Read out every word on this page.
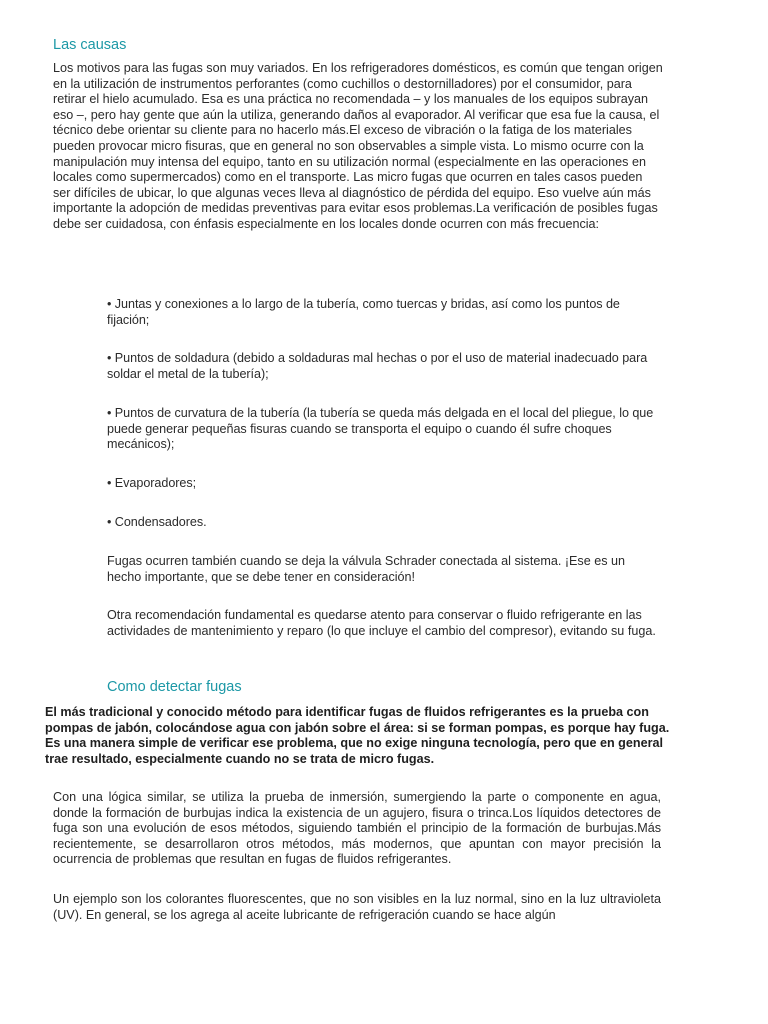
Las causas

Los motivos para las fugas son muy variados. En los refrigeradores domésticos, es común que tengan origen en la utilización de instrumentos perforantes (como cuchillos o destornilladores) por el consumidor, para retirar el hielo acumulado. Esa es una práctica no recomendada – y los manuales de los equipos subrayan eso –, pero hay gente que aún la utiliza, generando daños al evaporador. Al verificar que esa fue la causa, el técnico debe orientar su cliente para no hacerlo más.El exceso de vibración o la fatiga de los materiales pueden provocar micro fisuras, que en general no son observables a simple vista. Lo mismo ocurre con la manipulación muy intensa del equipo, tanto en su utilización normal (especialmente en las operaciones en locales como supermercados) como en el transporte. Las micro fugas que ocurren en tales casos pueden ser difíciles de ubicar, lo que algunas veces lleva al diagnóstico de pérdida del equipo. Eso vuelve aún más importante la adopción de medidas preventivas para evitar esos problemas.La verificación de posibles fugas debe ser cuidadosa, con énfasis especialmente en los locales donde ocurren con más frecuencia:

• Juntas y conexiones a lo largo de la tubería, como tuercas y bridas, así como los puntos de fijación;

• Puntos de soldadura (debido a soldaduras mal hechas o por el uso de material inadecuado para soldar el metal de la tubería);

• Puntos de curvatura de la tubería (la tubería se queda más delgada en el local del pliegue, lo que puede generar pequeñas fisuras cuando se transporta el equipo o cuando él sufre choques mecánicos);

• Evaporadores;

• Condensadores.

Fugas ocurren también cuando se deja la válvula Schrader conectada al sistema. ¡Ese es un hecho importante, que se debe tener en consideración!

Otra recomendación fundamental es quedarse atento para conservar o fluido refrigerante en las actividades de mantenimiento y reparo (lo que incluye el cambio del compresor), evitando su fuga.

Como detectar fugas

El más tradicional y conocido método para identificar fugas de fluidos refrigerantes es la prueba con pompas de jabón, colocándose agua con jabón sobre el área: si se forman pompas, es porque hay fuga. Es una manera simple de verificar ese problema, que no exige ninguna tecnología, pero que en general trae resultado, especialmente cuando no se trata de micro fugas.

Con una lógica similar, se utiliza la prueba de inmersión, sumergiendo la parte o componente en agua, donde la formación de burbujas indica la existencia de un agujero, fisura o trinca.Los líquidos detectores de fuga son una evolución de esos métodos, siguiendo también el principio de la formación de burbujas.Más recientemente, se desarrollaron otros métodos, más modernos, que apuntan con mayor precisión la ocurrencia de problemas que resultan en fugas de fluidos refrigerantes.

Un ejemplo son los colorantes fluorescentes, que no son visibles en la luz normal, sino en la luz ultravioleta (UV). En general, se los agrega al aceite lubricante de refrigeración cuando se hace algún
